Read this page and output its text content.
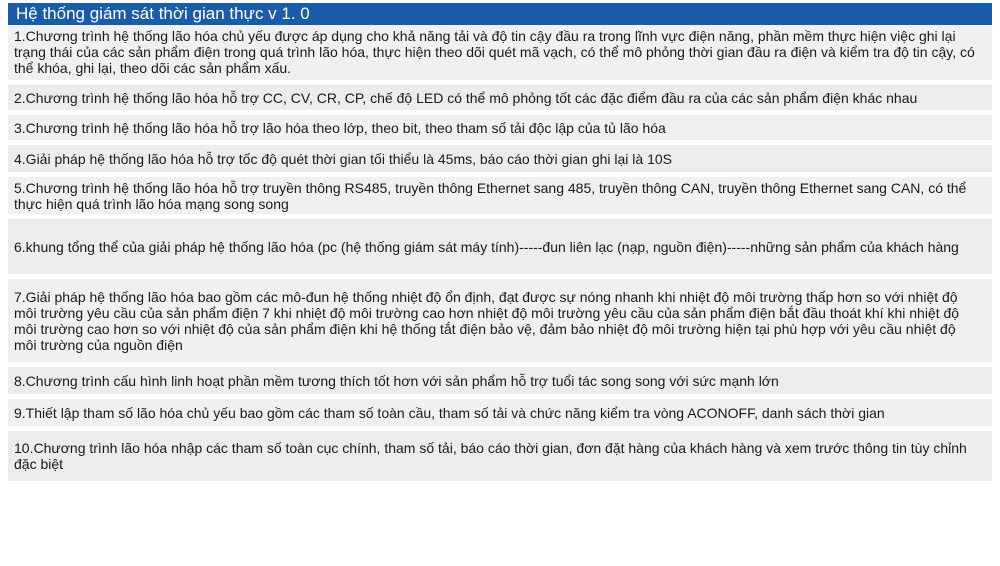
Hệ thống giám sát thời gian thực v 1. 0
1.Chương trình hệ thống lão hóa chủ yếu được áp dụng cho khả năng tải và độ tin cậy đầu ra trong lĩnh vực điện năng, phần mềm thực hiện việc ghi lại trạng thái của các sản phẩm điện trong quá trình lão hóa, thực hiện theo dõi quét mã vạch, có thể mô phỏng thời gian đầu ra điện và kiểm tra độ tin cậy, có thể khóa, ghi lại, theo dõi các sản phẩm xấu.
2.Chương trình hệ thống lão hóa hỗ trợ CC, CV, CR, CP, chế độ LED có thể mô phỏng tốt các đặc điểm đầu ra của các sản phẩm điện khác nhau
3.Chương trình hệ thống lão hóa hỗ trợ lão hóa theo lớp, theo bit, theo tham số tải độc lập của tủ lão hóa
4.Giải pháp hệ thống lão hóa hỗ trợ tốc độ quét thời gian tối thiểu là 45ms, báo cáo thời gian ghi lại là 10S
5.Chương trình hệ thống lão hóa hỗ trợ truyền thông RS485, truyền thông Ethernet sang 485, truyền thông CAN, truyền thông Ethernet sang CAN, có thể thực hiện quá trình lão hóa mạng song song
6.khung tổng thể của giải pháp hệ thống lão hóa (pc (hệ thống giám sát máy tính)-----đun liên lạc (nạp, nguồn điện)-----những sản phẩm của khách hàng
7.Giải pháp hệ thống lão hóa bao gồm các mô-đun hệ thống nhiệt độ ổn định, đạt được sự nóng nhanh khi nhiệt độ môi trường thấp hơn so với nhiệt độ môi trường yêu cầu của sản phẩm điện 7 khi nhiệt độ môi trường cao hơn nhiệt độ môi trường yêu cầu của sản phẩm điện bắt đầu thoát khí khi nhiệt độ môi trường cao hơn so với nhiệt độ của sản phẩm điện khi hệ thống tắt điện bảo vệ, đảm bảo nhiệt độ môi trường hiện tại phù hợp với yêu cầu nhiệt độ môi trường của nguồn điện
8.Chương trình cấu hình linh hoạt phần mềm tương thích tốt hơn với sản phẩm hỗ trợ tuổi tác song song với sức mạnh lớn
9.Thiết lập tham số lão hóa chủ yếu bao gồm các tham số toàn cầu, tham số tải và chức năng kiểm tra vòng ACONOFF, danh sách thời gian
10.Chương trình lão hóa nhập các tham số toàn cục chính, tham số tải, báo cáo thời gian, đơn đặt hàng của khách hàng và xem trước thông tin tùy chỉnh đặc biệt
